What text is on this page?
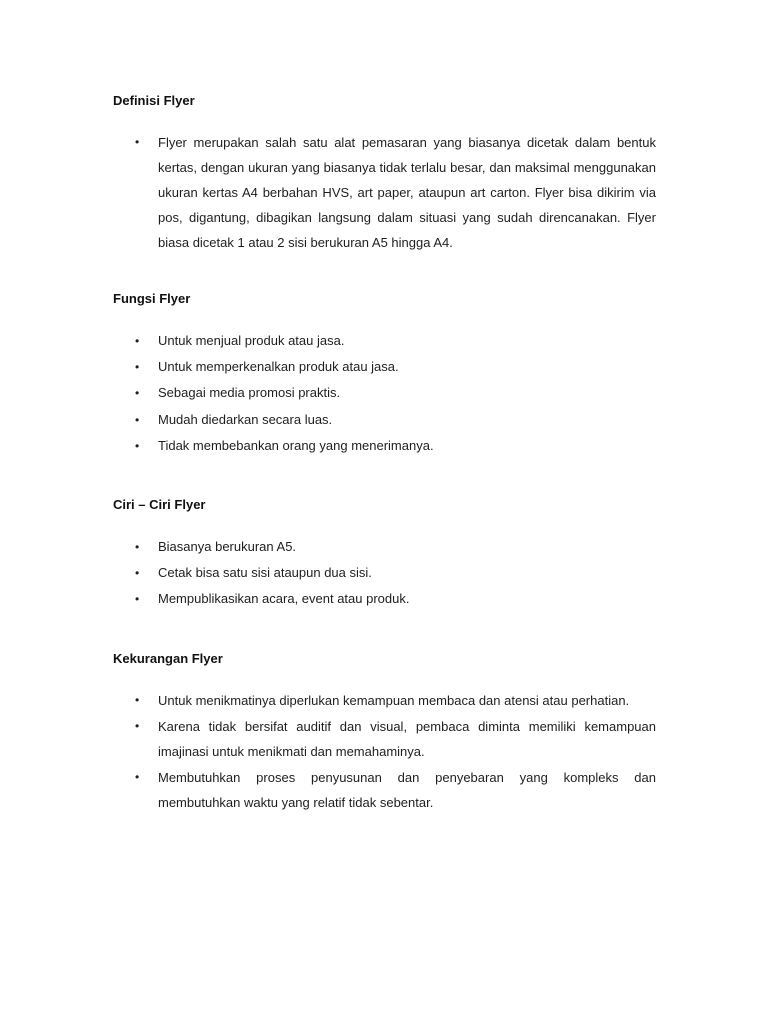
Definisi Flyer
• Flyer merupakan salah satu alat pemasaran yang biasanya dicetak dalam bentuk kertas, dengan ukuran yang biasanya tidak terlalu besar, dan maksimal menggunakan ukuran kertas A4 berbahan HVS, art paper, ataupun art carton. Flyer bisa dikirim via pos, digantung, dibagikan langsung dalam situasi yang sudah direncanakan. Flyer biasa dicetak 1 atau 2 sisi berukuran A5 hingga A4.
Fungsi Flyer
• Untuk menjual produk atau jasa.
• Untuk memperkenalkan produk atau jasa.
• Sebagai media promosi praktis.
• Mudah diedarkan secara luas.
• Tidak membebankan orang yang menerimanya.
Ciri – Ciri Flyer
• Biasanya berukuran A5.
• Cetak bisa satu sisi ataupun dua sisi.
• Mempublikasikan acara, event atau produk.
Kekurangan Flyer
• Untuk menikmatinya diperlukan kemampuan membaca dan atensi atau perhatian.
• Karena tidak bersifat auditif dan visual, pembaca diminta memiliki kemampuan imajinasi untuk menikmati dan memahaminya.
• Membutuhkan proses penyusunan dan penyebaran yang kompleks dan membutuhkan waktu yang relatif tidak sebentar.
